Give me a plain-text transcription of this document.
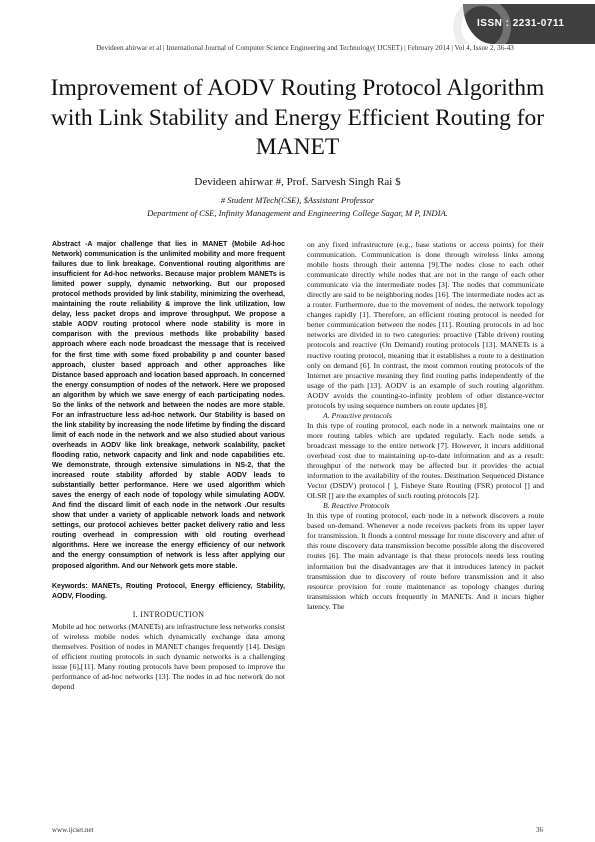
ISSN : 2231-0711
Devideen ahirwar et al | International Journal of Computer Science Engineering and Technology( IJCSET) | February 2014 | Vol 4, Issue 2, 36-43
Improvement of AODV Routing Protocol Algorithm with Link Stability and Energy Efficient Routing for MANET
Devideen ahirwar #, Prof. Sarvesh Singh Rai $
# Student MTech(CSE), $Assistant Professor
Department of CSE, Infinity Management and Engineering College Sagar, M P, INDIA.

Abstract -A major challenge that lies in MANET (Mobile Ad-hoc Network) communication is the unlimited mobility and more frequent failures due to link breakage. Conventional routing algorithms are insufficient for Ad-hoc networks. Because major problem MANETs is limited power supply, dynamic networking. But our proposed protocol methods provided by link stability, minimizing the overhead, maintaining the route reliability & improve the link utilization, low delay, less packet drops and improve throughput. We propose a stable AODV routing protocol where node stability is more in comparison with the previous methods like probability based approach where each node broadcast the message that is received for the first time with some fixed probability p and counter based approach, cluster based approach and other approaches like Distance based approach and location based approach. In concerned the energy consumption of nodes of the network. Here we proposed an algorithm by which we save energy of each participating nodes. So the links of the network and between the nodes are more stable. For an infrastructure less ad-hoc network. Our Stability is based on the link stability by increasing the node lifetime by finding the discard limit of each node in the network and we also studied about various overheads in AODV like link breakage, network scalability, packet flooding ratio, network capacity and link and node capabilities etc. We demonstrate, through extensive simulations in NS-2, that the increased route stability afforded by stable AODV leads to substantially better performance. Here we used algorithm which saves the energy of each node of topology while simulating AODV. And find the discard limit of each node in the network .Our results show that under a variety of applicable network loads and network settings, our protocol achieves better packet delivery ratio and less routing overhead in compression with old routing overhead algorithms. Here we increase the energy efficiency of our network and the energy consumption of network is less after applying our proposed algorithm. And our Network gets more stable.

Keywords: MANETs, Routing Protocol, Energy efficiency, Stability, AODV, Flooding.

I. INTRODUCTION

Mobile ad hoc networks (MANETs) are infrastructure less networks consist of wireless mobile nodes which dynamically exchange data among themselves. Position of nodes in MANET changes frequently [14]. Design of efficient routing protocols in such dynamic networks is a challenging issue [6],[11]. Many routing protocols have been proposed to improve the performance of ad-hoc networks [13]. The nodes in ad hoc network do not depend

on any fixed infrastructure (e.g., base stations or access points) for their communication. Communication is done through wireless links among mobile hosts through their antenna [9].The nodes close to each other communicate directly while nodes that are not in the range of each other communicate via the intermediate nodes [3]. The nodes that communicate directly are said to be neighboring nodes [16]. The intermediate nodes act as a router. Furthermore, due to the movement of nodes, the network topology changes rapidly [1]. Therefore, an efficient routing protocol is needed for better communication between the nodes [11]. Routing protocols in ad hoc networks are divided in to two categories: proactive (Table driven) routing protocols and reactive (On Demand) routing protocols [13]. MANETs is a reactive routing protocol, meaning that it establishes a route to a destination only on demand [6]. In contrast, the most common routing protocols of the Internet are proactive meaning they find routing paths independently of the usage of the path [13]. AODV is an example of such routing algorithm. AODV avoids the counting-to-infinity problem of other distance-vector protocols by using sequence numbers on route updates [8].

A. Proactive protocols

In this type of routing protocol, each node in a network maintains one or more routing tables which are updated regularly. Each node sends a broadcast message to the entire network [7]. However, it incurs additional overhead cost due to maintaining up-to-date information and as a result: throughput of the network may be affected but it provides the actual information to the availability of the routes. Destination Sequenced Distance Vector (DSDV) protocol [ ], Fisheye State Routing (FSR) protocol [] and OLSR [] are the examples of such routing protocols [2].

B. Reactive Protocols

In this type of routing protocol, each node in a network discovers a route based on-demand. Whenever a node receives packets from its upper layer for transmission. It floods a control message for route discovery and after of this route discovery data transmission become possible along the discovered routes [6]. The main advantage is that these protocols needs less routing information but the disadvantages are that it introduces latency in packet transmission due to discovery of route before transmission and it also resource provision for route maintenance as topology changes during transmission which occurs frequently in MANETs. And it incurs higher latency. The

www.ijcset.net	36
